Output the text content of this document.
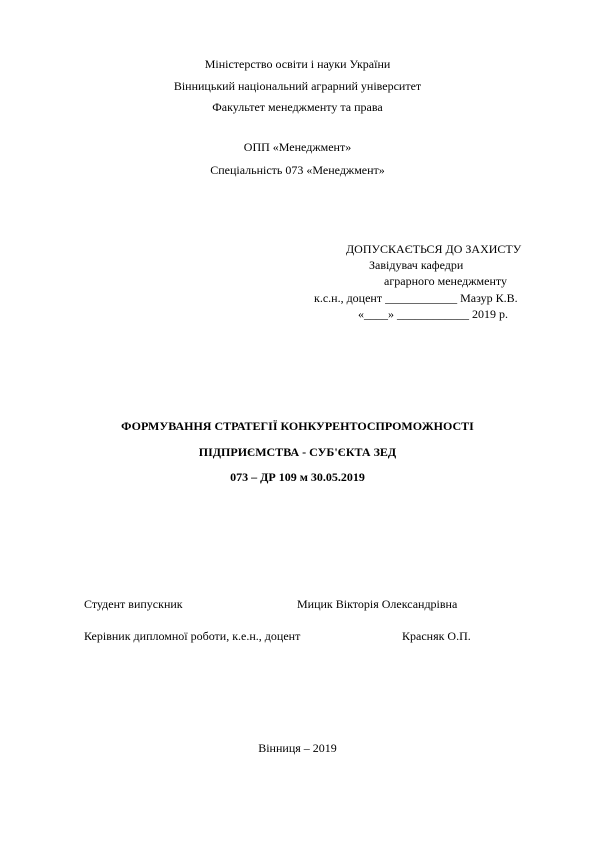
Міністерство освіти і науки України
Вінницький національний аграрний університет
Факультет менеджменту та права
ОПП «Менеджмент»
Спеціальність 073 «Менеджмент»
ДОПУСКАЄТЬСЯ ДО ЗАХИСТУ
Завідувач кафедри
аграрного менеджменту
к.с.н., доцент ____________ Мазур К.В.
«____» ____________ 2019 р.
ФОРМУВАННЯ СТРАТЕГІЇ КОНКУРЕНТОСПРОМОЖНОСТІ
ПІДПРИЄМСТВА - СУБ'ЄКТА ЗЕД
073 – ДР 109 м 30.05.2019
Студент випускник	Мицик Вікторія Олександрівна
Керівник дипломної роботи, к.е.н., доцент	Красняк О.П.
Вінниця – 2019
